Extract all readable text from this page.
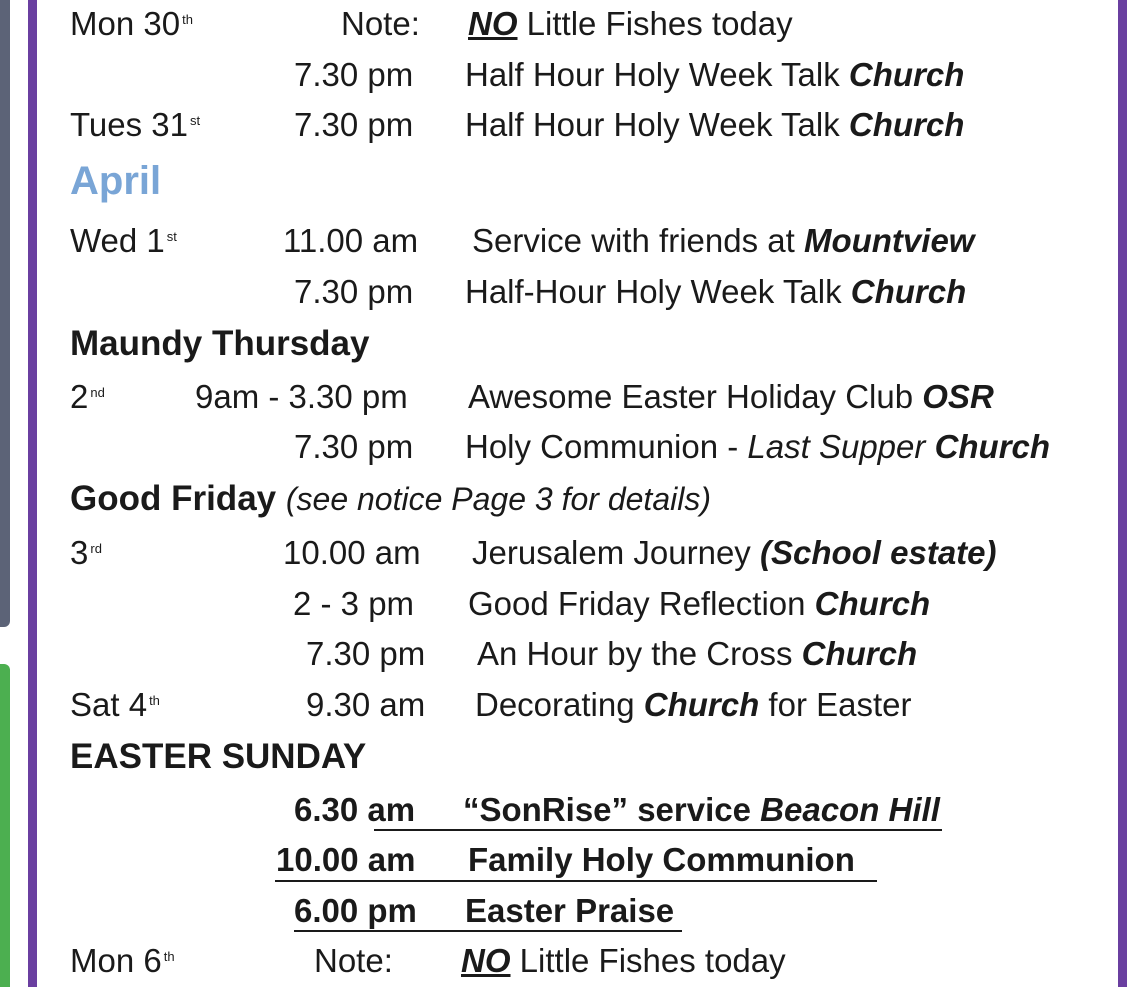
Mon 30 $^{th}$	Note: NO Little Fishes today
7.30 pm Half Hour Holy Week Talk Church
Tues 31 $^{st}$	7.30 pm Half Hour Holy Week Talk Church
April
Wed 1 $^{st}$	11.00 am Service with friends at Mountview
7.30 pm Half-Hour Holy Week Talk Church
Maundy Thursday
2 $^{nd}$	9am - 3.30 pm Awesome Easter Holiday Club OSR
7.30 pm Holy Communion - Last Supper Church
Good Friday (see notice Page 3 for details)
3 $^{rd}$	10.00 am Jerusalem Journey (School estate)
2 - 3 pm Good Friday Reflection Church
7.30 pm An Hour by the Cross Church
Sat 4 $^{th}$	9.30 am Decorating Church for Easter
EASTER SUNDAY
6.30 am “SonRise” service Beacon Hill
10.00 am Family Holy Communion
6.00 pm Easter Praise
Mon 6 $^{th}$	Note: NO Little Fishes today
